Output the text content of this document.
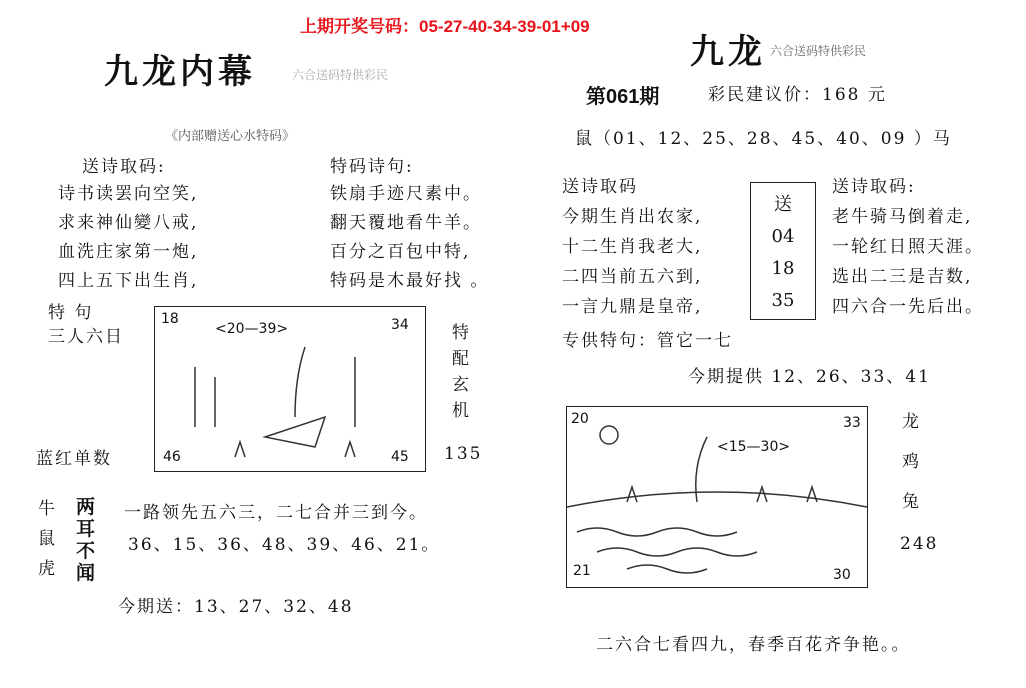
上期开奖号码：05-27-40-34-39-01+09
九龙内幕	六合送码特供彩民
《内部赠送心水特码》
送诗取码:	特码诗句:
诗书读罢向空笑,
求来神仙變八戒,
血洗庄家第一炮,
四上五下出生肖,
铁扇手迹尺素中。
翻天覆地看牛羊。
百分之百包中特,
特码是木最好找 。
特 句
三人六日
18
<20—39>	34
46	45
特
配
玄
机
蓝红单数	135
牛
鼠
虎
两
耳
不
闻
一路领先五六三，二七合并三到今。
36、15、36、48、39、46、21。
今期送：13、27、32、48
九龙 六合送码特供彩民
第061期	彩民建议价：168 元
鼠（01、12、25、28、45、40、09 ）马
送诗取码	送诗取码:
今期生肖出农家,
十二生肖我老大,
二四当前五六到,
一言九鼎是皇帝,
送
04
18
35
老牛骑马倒着走,
一轮红日照天涯。
选出二三是吉数,
四六合一先后出。
专供特句：管它一七
今期提供 12、26、33、41
20
<15—30>
33
21	30
龙
鸡
兔
248
二六合七看四九，春季百花齐争艳。。
